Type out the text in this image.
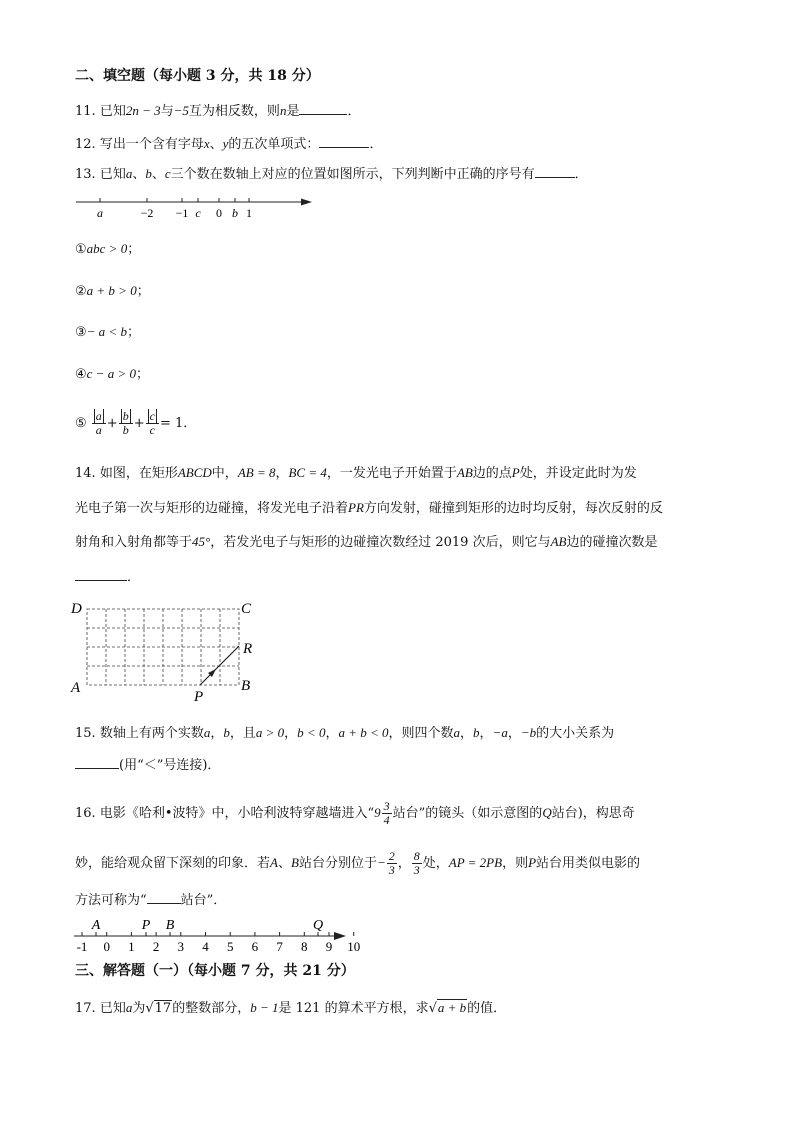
二、填空题（每小题 3 分，共 18 分）
11. 已知2n − 3与−5互为相反数，则n是	．
12. 写出一个含有字母x、y的五次单项式：	．
13. 已知a、b、c三个数在数轴上对应的位置如图所示，下列判断中正确的序号有	．
a	−2 −1 c 0 b 1
①abc > 0；
②a + b > 0；
③− a < b；
④c − a > 0；
⑤ $\frac{a}{a} + \frac{b}{b} + \frac{c}{c} = 1$．
14. 如图，在矩形ABCD中，AB = 8，BC = 4，一发光电子开始置于AB边的点P处，并设定此时为发
光电子第一次与矩形的边碰撞，将发光电子沿着PR方向发射，碰撞到矩形的边时均反射，每次反射的反
射角和入射角都等于45°，若发光电子与矩形的边碰撞次数经过 2019 次后，则它与AB边的碰撞次数是
．
D	C
R
A	B
P
15. 数轴上有两个实数a，b，且a > 0，b < 0，a + b < 0，则四个数a，b，−a，−b的大小关系为
(用“＜”号连接)．
16. 电影《哈利•波特》中，小哈利波特穿越墙进入“$9 \frac{3}{4}$ 站台”的镜头（如示意图的Q站台)，构思奇
妙，能给观众留下深刻的印象．若A、B站台分别位于− $\frac{2}{3}$ ， $\frac{8}{3}$ 处，AP = 2PB，则P站台用类似电影的
方法可称为“	站台”．
-1 0 1 2 3 4 5 6 7 8 9 10
A	P B	Q
三、解答题（一）（每小题 7 分，共 21 分）
17. 已知a为√17的整数部分，b − 1是 121 的算术平方根，求√a + b的值．
